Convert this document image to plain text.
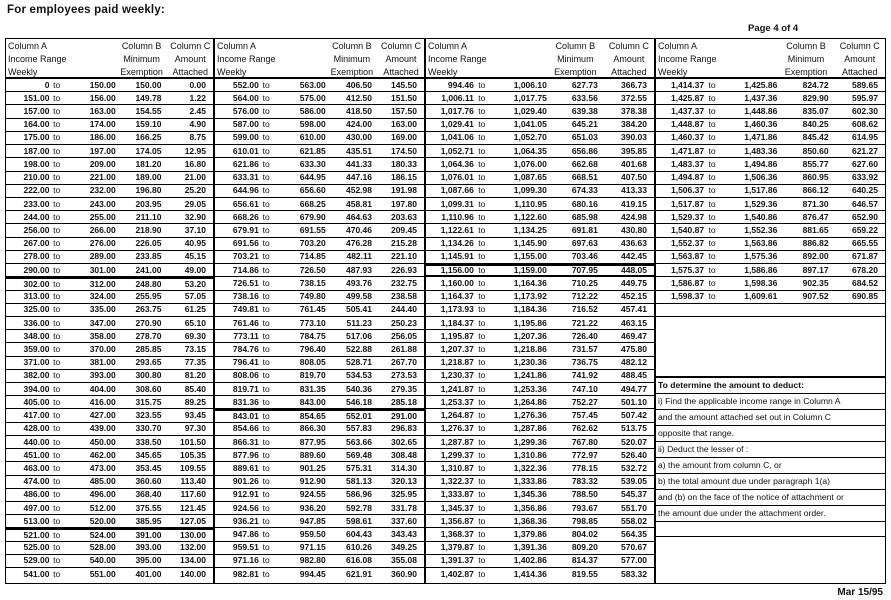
For employees paid weekly:
Page 4 of 4
Column A
Income Range
Weekly
Column B
Minimum
Exemption
Column C
Amount
Attached
0 to	150.00	150.00	0.00
151.00 to	156.00	149.78	1.22
157.00 to	163.00	154.55	2.45
164.00 to	174.00	159.10	4.90
175.00 to	186.00	166.25	8.75
187.00 to	197.00	174.05	12.95
198.00 to	209.00	181.20	16.80
210.00 to	221.00	189.00	21.00
222.00 to	232.00	196.80	25.20
233.00 to	243.00	203.95	29.05
244.00 to	255.00	211.10	32.90
256.00 to	266.00	218.90	37.10
267.00 to	276.00	226.05	40.95
278.00 to	289.00	233.85	45.15
290.00 to	301.00	241.00	49.00
302.00 to	312.00	248.80	53.20
313.00 to	324.00	255.95	57.05
325.00 to	335.00	263.75	61.25
336.00 to	347.00	270.90	65.10
348.00 to	358.00	278.70	69.30
359.00 to	370.00	285.85	73.15
371.00 to	381.00	293.65	77.35
382.00 to	393.00	300.80	81.20
394.00 to	404.00	308.60	85.40
405.00 to	416.00	315.75	89.25
417.00 to	427.00	323.55	93.45
428.00 to	439.00	330.70	97.30
440.00 to	450.00	338.50	101.50
451.00 to	462.00	345.65	105.35
463.00 to	473.00	353.45	109.55
474.00 to	485.00	360.60	113.40
486.00 to	496.00	368.40	117.60
497.00 to	512.00	375.55	121.45
513.00 to	520.00	385.95	127.05
521.00 to	524.00	391.00	130.00
525.00 to	528.00	393.00	132.00
529.00 to	540.00	395.00	134.00
541.00 to	551.00	401.00	140.00
Column A
Income Range
Weekly
Column B
Minimum
Exemption
Column C
Amount
Attached
552.00 to	563.00	406.50	145.50
564.00 to	575.00	412.50	151.50
576.00 to	586.00	418.50	157.50
587.00 to	598.00	424.00	163.00
599.00 to	610.00	430.00	169.00
610.01 to	621.85	435.51	174.50
621.86 to	633.30	441.33	180.33
633.31 to	644.95	447.16	186.15
644.96 to	656.60	452.98	191.98
656.61 to	668.25	458.81	197.80
668.26 to	679.90	464.63	203.63
679.91 to	691.55	470.46	209.45
691.56 to	703.20	476.28	215.28
703.21 to	714.85	482.11	221.10
714.86 to	726.50	487.93	226.93
726.51 to	738.15	493.76	232.75
738.16 to	749.80	499.58	238.58
749.81 to	761.45	505.41	244.40
761.46 to	773.10	511.23	250.23
773.11 to	784.75	517.06	256.05
784.76 to	796.40	522.88	261.88
796.41 to	808.05	528.71	267.70
808.06 to	819.70	534.53	273.53
819.71 to	831.35	540.36	279.35
831.36 to	843.00	546.18	285.18
843.01 to	854.65	552.01	291.00
854.66 to	866.30	557.83	296.83
866.31 to	877.95	563.66	302.65
877.96 to	889.60	569.48	308.48
889.61 to	901.25	575.31	314.30
901.26 to	912.90	581.13	320.13
912.91 to	924.55	586.96	325.95
924.56 to	936.20	592.78	331.78
936.21 to	947.85	598.61	337.60
947.86 to	959.50	604.43	343.43
959.51 to	971.15	610.26	349.25
971.16 to	982.80	616.08	355.08
982.81 to	994.45	621.91	360.90
Column A
Income Range
Weekly
Column B
Minimum
Exemption
Column C
Amount
Attached
994.46 to	1,006.10	627.73	366.73
1,006.11 to	1,017.75	633.56	372.55
1,017.76 to	1,029.40	639.38	378.38
1,029.41 to	1,041.05	645.21	384.20
1,041.06 to	1,052.70	651.03	390.03
1,052.71 to	1,064.35	656.86	395.85
1,064.36 to	1,076.00	662.68	401.68
1,076.01 to	1,087.65	668.51	407.50
1,087.66 to	1,099.30	674.33	413.33
1,099.31 to	1,110.95	680.16	419.15
1,110.96 to	1,122.60	685.98	424.98
1,122.61 to	1,134.25	691.81	430.80
1,134.26 to	1,145.90	697.63	436.63
1,145.91 to	1,155.00	703.46	442.45
1,156.00 to	1,159.00	707.95	448.05
1,160.00 to	1,164.36	710.25	449.75
1,164.37 to	1,173.92	712.22	452.15
1,173.93 to	1,184.36	716.52	457.41
1,184.37 to	1,195.86	721.22	463.15
1,195.87 to	1,207.36	726.40	469.47
1,207.37 to	1,218.86	731.57	475.80
1,218.87 to	1,230.36	736.75	482.12
1,230.37 to	1,241.86	741.92	488.45
1,241.87 to	1,253.36	747.10	494.77
1,253.37 to	1,264.86	752.27	501.10
1,264.87 to	1,276.36	757.45	507.42
1,276.37 to	1,287.86	762.62	513.75
1,287.87 to	1,299.36	767.80	520.07
1,299.37 to	1,310.86	772.97	526.40
1,310.87 to	1,322.36	778.15	532.72
1,322.37 to	1,333.86	783.32	539.05
1,333.87 to	1,345.36	788.50	545.37
1,345.37 to	1,356.86	793.67	551.70
1,356.87 to	1,368.36	798.85	558.02
1,368.37 to	1,379.86	804.02	564.35
1,379.87 to	1,391.36	809.20	570.67
1,391.37 to	1,402.86	814.37	577.00
1,402.87 to	1,414.36	819.55	583.32
Column A
Income Range
Weekly
Column B
Minimum
Exemption
Column C
Amount
Attached
1,414.37 to	1,425.86	824.72	589.65
1,425.87 to	1,437.36	829.90	595.97
1,437.37 to	1,448.86	835.07	602.30
1,448.87 to	1,460.36	840.25	608.62
1,460.37 to	1,471.86	845.42	614.95
1,471.87 to	1,483.36	850.60	621.27
1,483.37 to	1,494.86	855.77	627.60
1,494.87 to	1,506.36	860.95	633.92
1,506.37 to	1,517.86	866.12	640.25
1,517.87 to	1,529.36	871.30	646.57
1,529.37 to	1,540.86	876.47	652.90
1,540.87 to	1,552.36	881.65	659.22
1,552.37 to	1,563.86	886.82	665.55
1,563.87 to	1,575.36	892.00	671.87
1,575.37 to	1,586.86	897.17	678.20
1,586.87 to	1,598.36	902.35	684.52
1,598.37 to	1,609.61	907.52	690.85
To determine the amount to deduct:
i) Find the applicable income range in Column A
and the amount attached set out in Column C
opposite that range.
ii) Deduct the lesser of :
a) the amount from column C, or
b) the total amount due under paragraph 1(a)
and (b) on the face of the notice of attachment or
the amount due under the attachment order.
Mar 15/95
